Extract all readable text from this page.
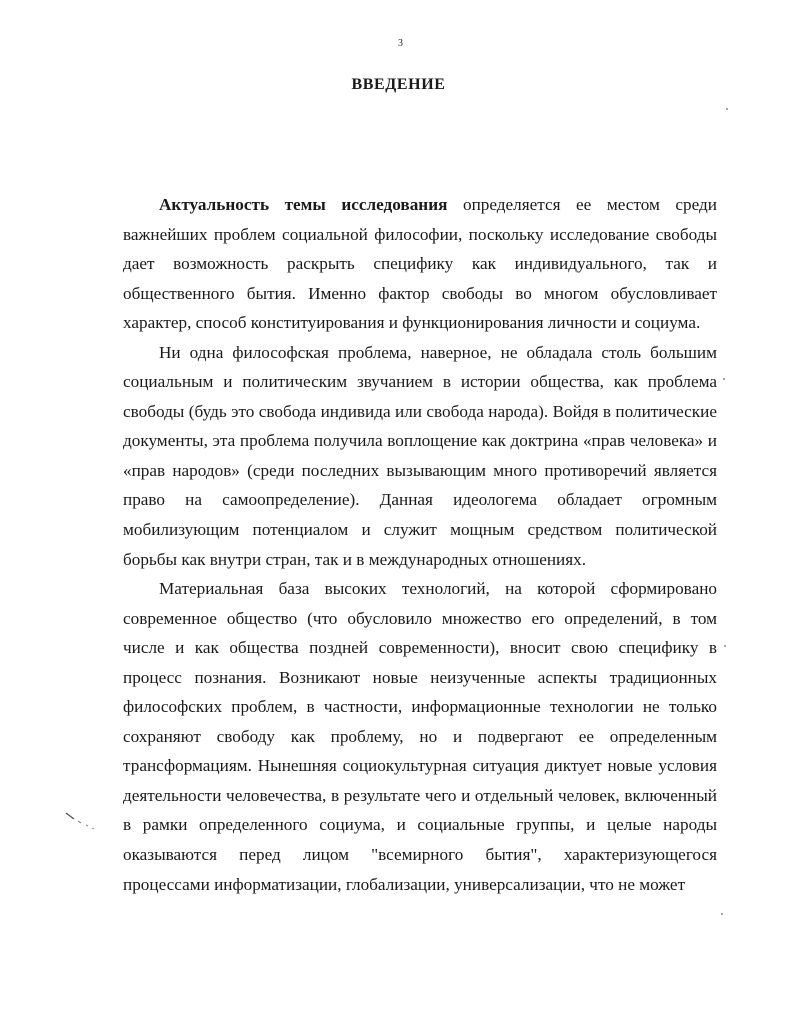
3
ВВЕДЕНИЕ

Актуальность темы исследования определяется ее местом среди важнейших проблем социальной философии, поскольку исследование свободы дает возможность раскрыть специфику как индивидуального, так и общественного бытия. Именно фактор свободы во многом обусловливает характер, способ конституирования и функционирования личности и социума.

Ни одна философская проблема, наверное, не обладала столь большим социальным и политическим звучанием в истории общества, как проблема свободы (будь это свобода индивида или свобода народа). Войдя в политические документы, эта проблема получила воплощение как доктрина «прав человека» и «прав народов» (среди последних вызывающим много противоречий является право на самоопределение). Данная идеологема обладает огромным мобилизующим потенциалом и служит мощным средством политической борьбы как внутри стран, так и в международных отношениях.

Материальная база высоких технологий, на которой сформировано современное общество (что обусловило множество его определений, в том числе и как общества поздней современности), вносит свою специфику в процесс познания. Возникают новые неизученные аспекты традиционных философских проблем, в частности, информационные технологии не только сохраняют свободу как проблему, но и подвергают ее определенным трансформациям. Нынешняя социокультурная ситуация диктует новые условия деятельности человечества, в результате чего и отдельный человек, включенный в рамки определенного социума, и социальные группы, и целые народы оказываются перед лицом "всемирного бытия", характеризующегося процессами информатизации, глобализации, универсализации, что не может
